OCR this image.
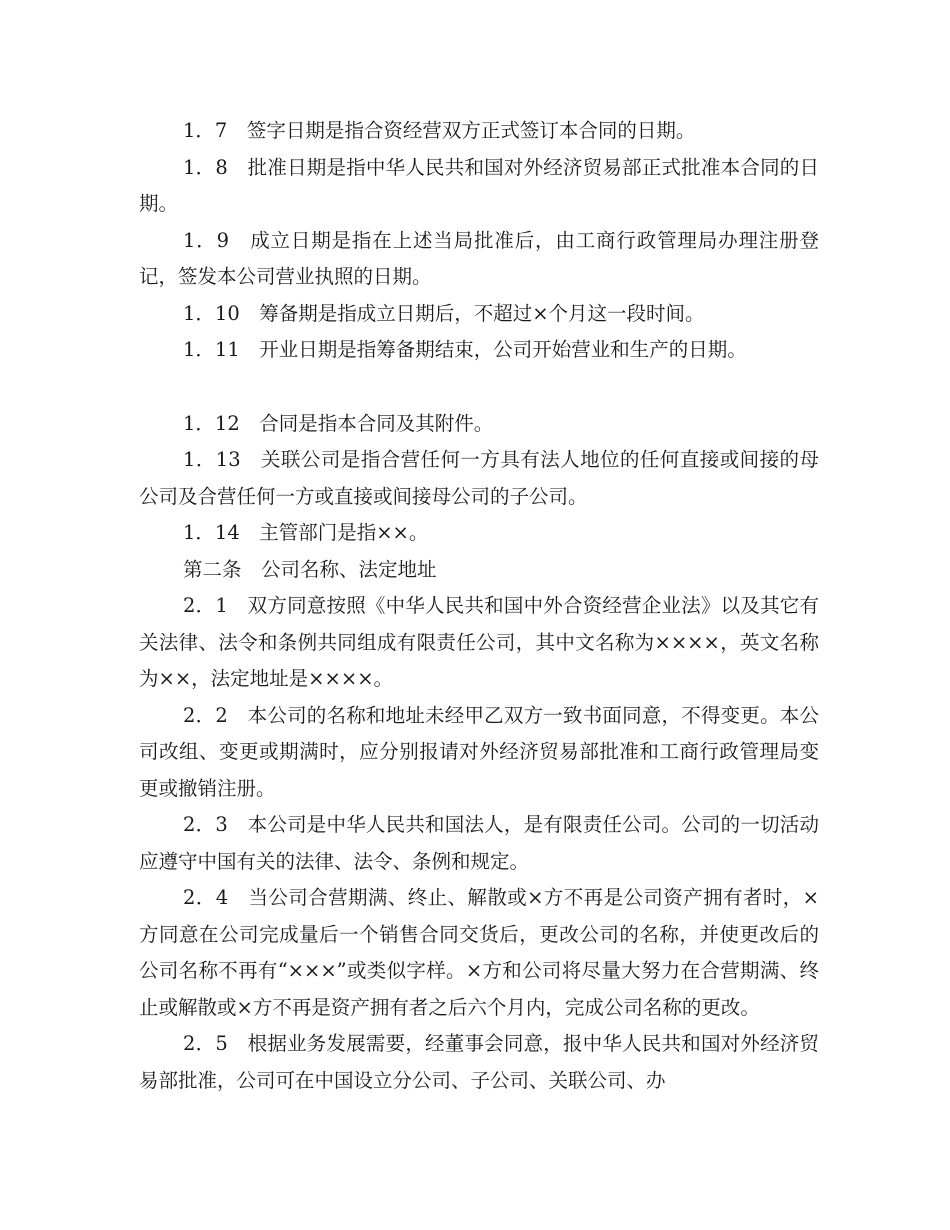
1．7　签字日期是指合资经营双方正式签订本合同的日期。

1．8　批准日期是指中华人民共和国对外经济贸易部正式批准本合同的日期。

1．9　成立日期是指在上述当局批准后，由工商行政管理局办理注册登记，签发本公司营业执照的日期。

1．10　筹备期是指成立日期后，不超过×个月这一段时间。

1．11　开业日期是指筹备期结束，公司开始营业和生产的日期。

1．12　合同是指本合同及其附件。

1．13　关联公司是指合营任何一方具有法人地位的任何直接或间接的母公司及合营任何一方或直接或间接母公司的子公司。

1．14　主管部门是指××。

第二条　公司名称、法定地址

2．1　双方同意按照《中华人民共和国中外合资经营企业法》以及其它有关法律、法令和条例共同组成有限责任公司，其中文名称为××××，英文名称为××，法定地址是××××。

2．2　本公司的名称和地址未经甲乙双方一致书面同意，不得变更。本公司改组、变更或期满时，应分别报请对外经济贸易部批准和工商行政管理局变更或撤销注册。

2．3　本公司是中华人民共和国法人，是有限责任公司。公司的一切活动应遵守中国有关的法律、法令、条例和规定。

2．4　当公司合营期满、终止、解散或×方不再是公司资产拥有者时，×方同意在公司完成量后一个销售合同交货后，更改公司的名称，并使更改后的公司名称不再有“×××”或类似字样。×方和公司将尽量大努力在合营期满、终止或解散或×方不再是资产拥有者之后六个月内，完成公司名称的更改。

2．5　根据业务发展需要，经董事会同意，报中华人民共和国对外经济贸易部批准，公司可在中国设立分公司、子公司、关联公司、办
